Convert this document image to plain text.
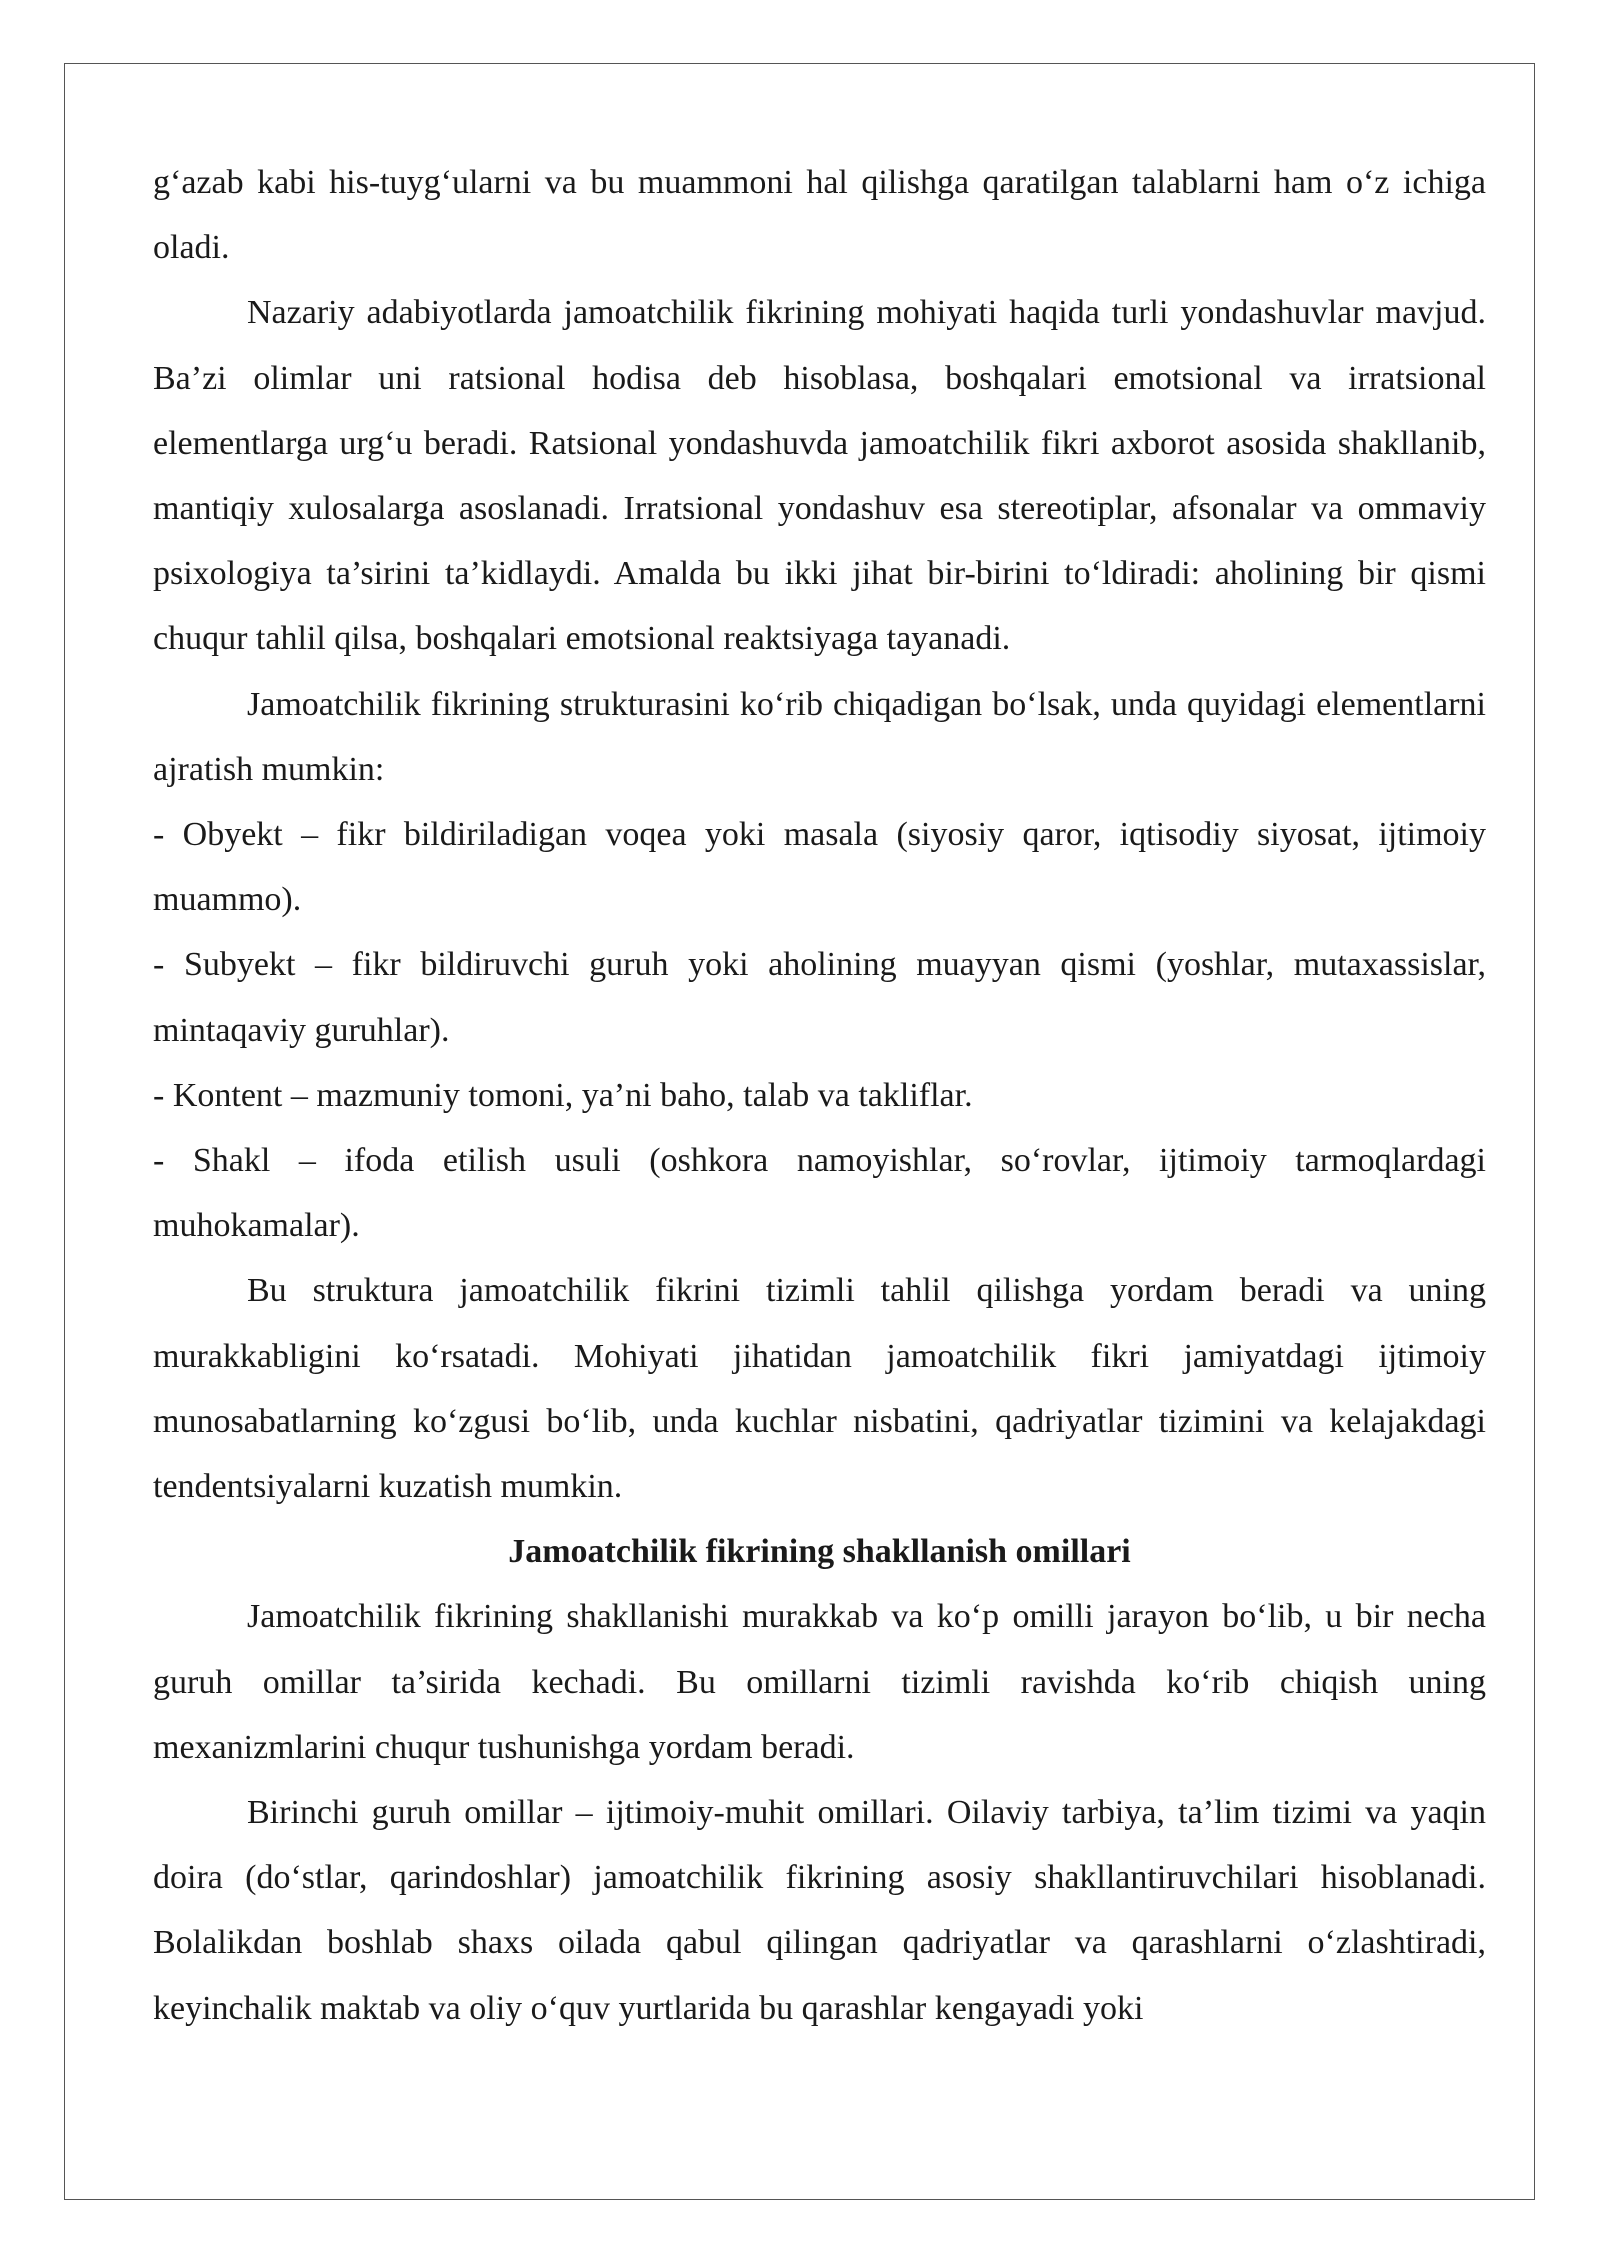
g‘azab kabi his-tuyg‘ularni va bu muammoni hal qilishga qaratilgan talablarni ham o‘z ichiga oladi.

Nazariy adabiyotlarda jamoatchilik fikrining mohiyati haqida turli yondashuvlar mavjud. Ba’zi olimlar uni ratsional hodisa deb hisoblasa, boshqalari emotsional va irratsional elementlarga urg‘u beradi. Ratsional yondashuvda jamoatchilik fikri axborot asosida shakllanib, mantiqiy xulosalarga asoslanadi. Irratsional yondashuv esa stereotiplar, afsonalar va ommaviy psixologiya ta’sirini ta’kidlaydi. Amalda bu ikki jihat bir-birini to‘ldiradi: aholining bir qismi chuqur tahlil qilsa, boshqalari emotsional reaktsiyaga tayanadi.

Jamoatchilik fikrining strukturasini ko‘rib chiqadigan bo‘lsak, unda quyidagi elementlarni ajratish mumkin:

- Obyekt – fikr bildiriladigan voqea yoki masala (siyosiy qaror, iqtisodiy siyosat, ijtimoiy muammo).

- Subyekt – fikr bildiruvchi guruh yoki aholining muayyan qismi (yoshlar, mutaxassislar, mintaqaviy guruhlar).

- Kontent – mazmuniy tomoni, ya’ni baho, talab va takliflar.

- Shakl – ifoda etilish usuli (oshkora namoyishlar, so‘rovlar, ijtimoiy tarmoqlardagi muhokamalar).

Bu struktura jamoatchilik fikrini tizimli tahlil qilishga yordam beradi va uning murakkabligini ko‘rsatadi. Mohiyati jihatidan jamoatchilik fikri jamiyatdagi ijtimoiy munosabatlarning ko‘zgusi bo‘lib, unda kuchlar nisbatini, qadriyatlar tizimini va kelajakdagi tendentsiyalarni kuzatish mumkin.

Jamoatchilik fikrining shakllanish omillari

Jamoatchilik fikrining shakllanishi murakkab va ko‘p omilli jarayon bo‘lib, u bir necha guruh omillar ta’sirida kechadi. Bu omillarni tizimli ravishda ko‘rib chiqish uning mexanizmlarini chuqur tushunishga yordam beradi.

Birinchi guruh omillar – ijtimoiy-muhit omillari. Oilaviy tarbiya, ta’lim tizimi va yaqin doira (do‘stlar, qarindoshlar) jamoatchilik fikrining asosiy shakllantiruvchilari hisoblanadi. Bolalikdan boshlab shaxs oilada qabul qilingan qadriyatlar va qarashlarni o‘zlashtiradi, keyinchalik maktab va oliy o‘quv yurtlarida bu qarashlar kengayadi yoki
